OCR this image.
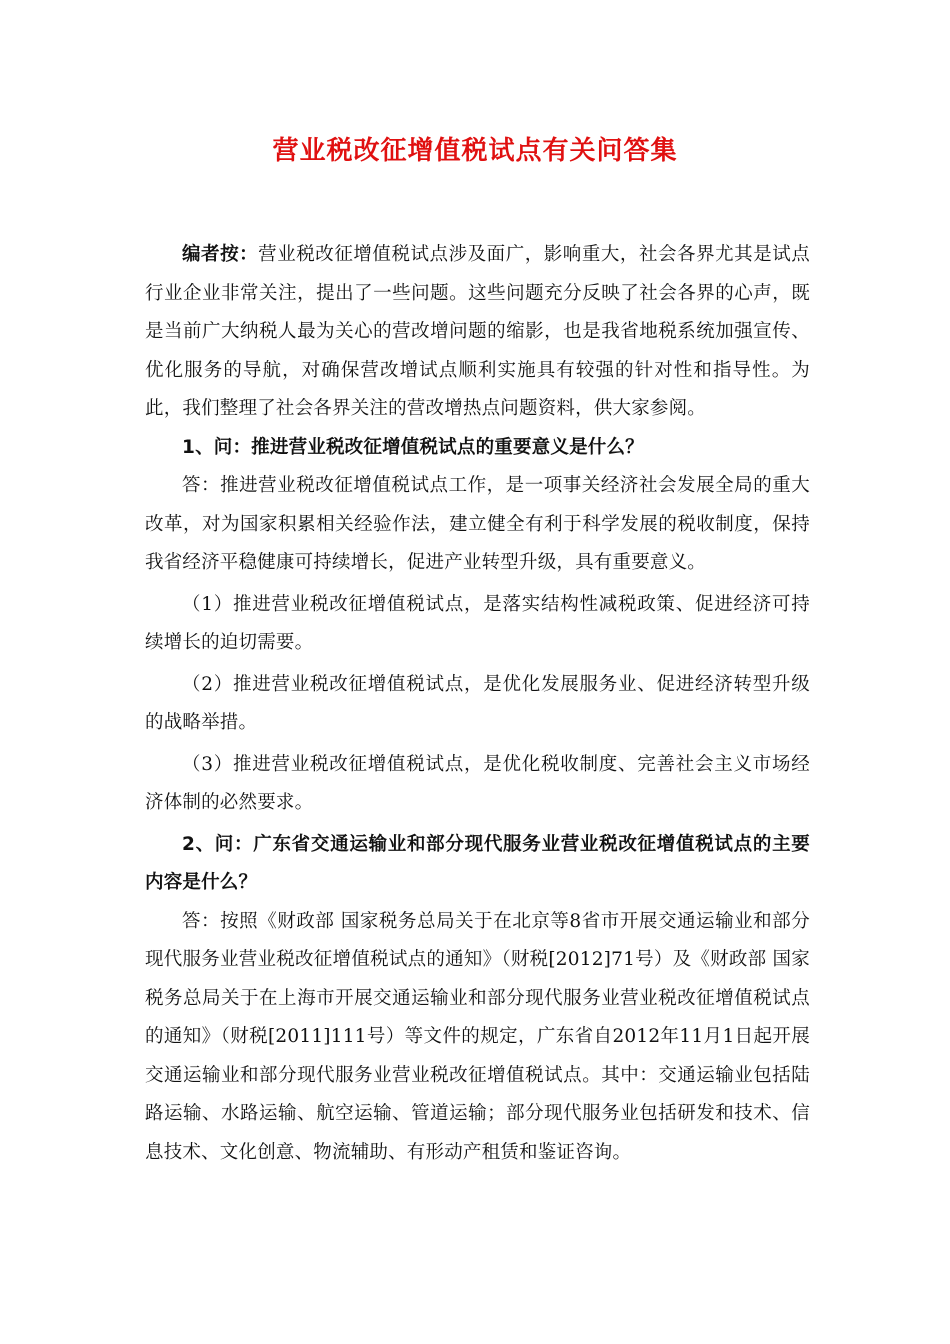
营业税改征增值税试点有关问答集

编者按：营业税改征增值税试点涉及面广，影响重大，社会各界尤其是试点行业企业非常关注，提出了一些问题。这些问题充分反映了社会各界的心声，既是当前广大纳税人最为关心的营改增问题的缩影，也是我省地税系统加强宣传、优化服务的导航，对确保营改增试点顺利实施具有较强的针对性和指导性。为此，我们整理了社会各界关注的营改增热点问题资料，供大家参阅。

1、问：推进营业税改征增值税试点的重要意义是什么？

答：推进营业税改征增值税试点工作，是一项事关经济社会发展全局的重大改革，对为国家积累相关经验作法，建立健全有利于科学发展的税收制度，保持我省经济平稳健康可持续增长，促进产业转型升级，具有重要意义。

（1）推进营业税改征增值税试点，是落实结构性减税政策、促进经济可持续增长的迫切需要。

（2）推进营业税改征增值税试点，是优化发展服务业、促进经济转型升级的战略举措。

（3）推进营业税改征增值税试点，是优化税收制度、完善社会主义市场经济体制的必然要求。

2、问：广东省交通运输业和部分现代服务业营业税改征增值税试点的主要内容是什么？

答：按照《财政部 国家税务总局关于在北京等8省市开展交通运输业和部分现代服务业营业税改征增值税试点的通知》（财税[2012]71号）及《财政部 国家税务总局关于在上海市开展交通运输业和部分现代服务业营业税改征增值税试点的通知》（财税[2011]111号）等文件的规定，广东省自2012年11月1日起开展交通运输业和部分现代服务业营业税改征增值税试点。其中：交通运输业包括陆路运输、水路运输、航空运输、管道运输；部分现代服务业包括研发和技术、信息技术、文化创意、物流辅助、有形动产租赁和鉴证咨询。
